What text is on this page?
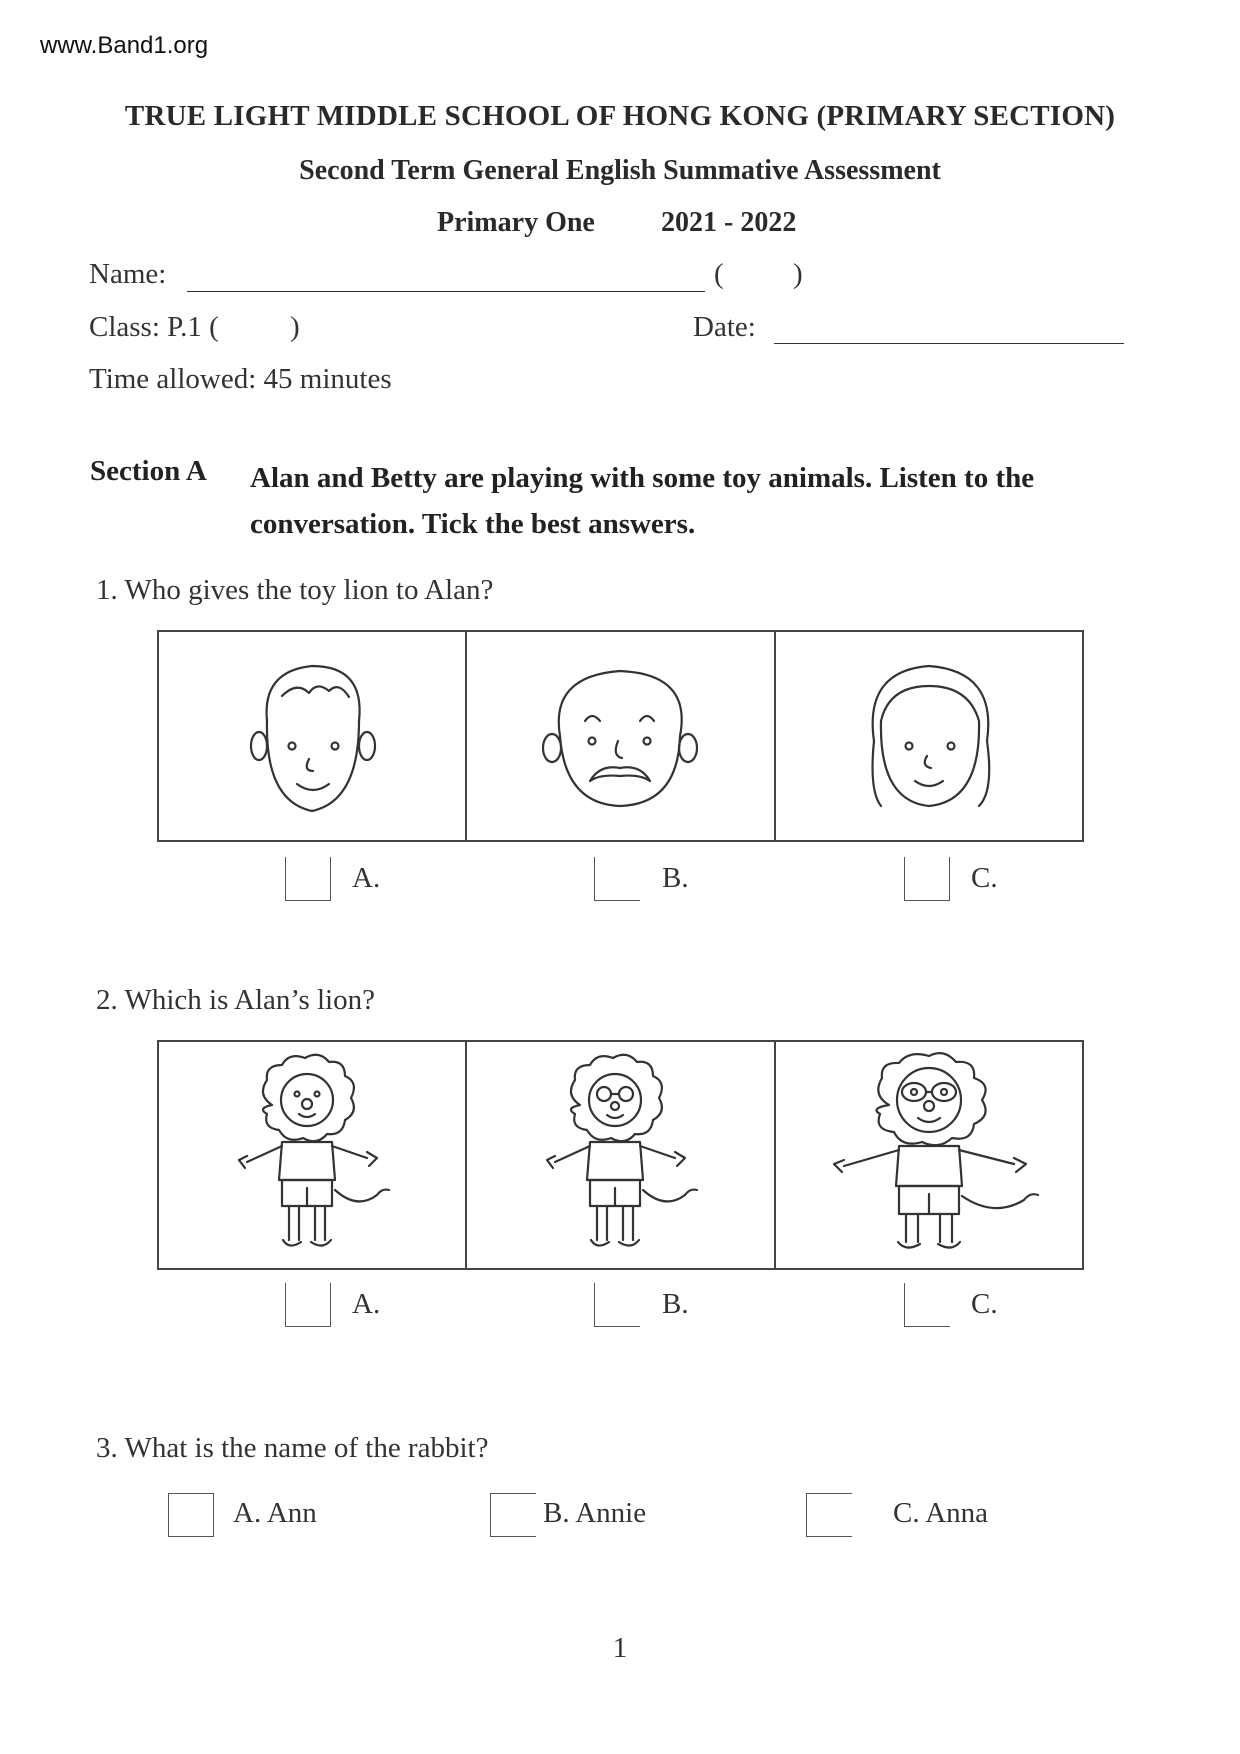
www.Band1.org
TRUE LIGHT MIDDLE SCHOOL OF HONG KONG (PRIMARY SECTION)
Second Term General English Summative Assessment
Primary One 2021 - 2022
Name:	( )
Class: P.1 ( )	Date:
Time allowed: 45 minutes
Section A Alan and Betty are playing with some toy animals. Listen to the conversation. Tick the best answers.
1. Who gives the toy lion to Alan?
A.	B.	C.
2. Which is Alan’s lion?
A.	B.	C.
3. What is the name of the rabbit?
A. Ann	B. Annie	C. Anna
1
